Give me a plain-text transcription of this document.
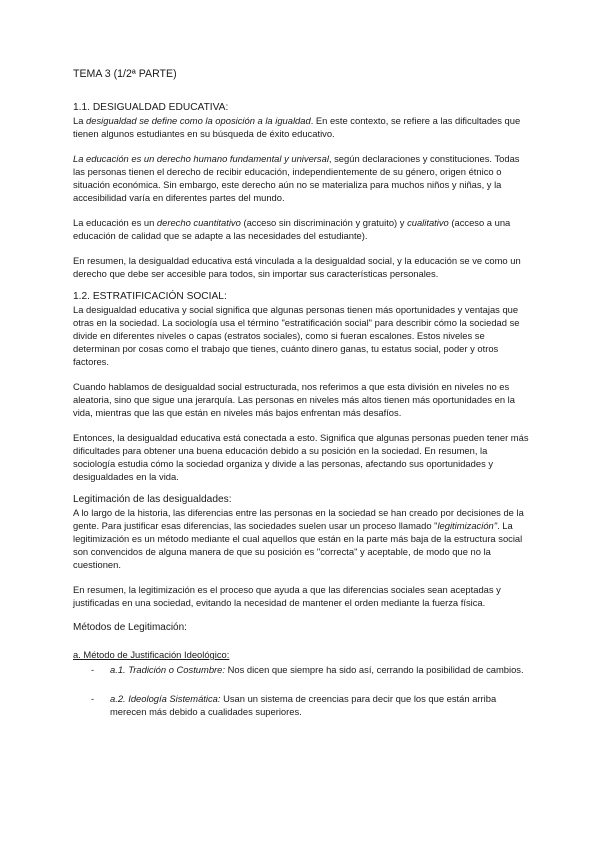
TEMA 3 (1/2ª PARTE)
1.1. DESIGUALDAD EDUCATIVA:

La desigualdad se define como la oposición a la igualdad. En este contexto, se refiere a las dificultades que tienen algunos estudiantes en su búsqueda de éxito educativo.

La educación es un derecho humano fundamental y universal, según declaraciones y constituciones. Todas las personas tienen el derecho de recibir educación, independientemente de su género, origen étnico o situación económica. Sin embargo, este derecho aún no se materializa para muchos niños y niñas, y la accesibilidad varía en diferentes partes del mundo.

La educación es un derecho cuantitativo (acceso sin discriminación y gratuito) y cualitativo (acceso a una educación de calidad que se adapte a las necesidades del estudiante).

En resumen, la desigualdad educativa está vinculada a la desigualdad social, y la educación se ve como un derecho que debe ser accesible para todos, sin importar sus características personales.

1.2. ESTRATIFICACIÓN SOCIAL:

La desigualdad educativa y social significa que algunas personas tienen más oportunidades y ventajas que otras en la sociedad. La sociología usa el término "estratificación social" para describir cómo la sociedad se divide en diferentes niveles o capas (estratos sociales), como si fueran escalones. Estos niveles se determinan por cosas como el trabajo que tienes, cuánto dinero ganas, tu estatus social, poder y otros factores.

Cuando hablamos de desigualdad social estructurada, nos referimos a que esta división en niveles no es aleatoria, sino que sigue una jerarquía. Las personas en niveles más altos tienen más oportunidades en la vida, mientras que las que están en niveles más bajos enfrentan más desafíos.

Entonces, la desigualdad educativa está conectada a esto. Significa que algunas personas pueden tener más dificultades para obtener una buena educación debido a su posición en la sociedad. En resumen, la sociología estudia cómo la sociedad organiza y divide a las personas, afectando sus oportunidades y desigualdades en la vida.

Legitimación de las desigualdades:

A lo largo de la historia, las diferencias entre las personas en la sociedad se han creado por decisiones de la gente. Para justificar esas diferencias, las sociedades suelen usar un proceso llamado "legitimización". La legitimización es un método mediante el cual aquellos que están en la parte más baja de la estructura social son convencidos de alguna manera de que su posición es "correcta" y aceptable, de modo que no la cuestionen.

En resumen, la legitimización es el proceso que ayuda a que las diferencias sociales sean aceptadas y justificadas en una sociedad, evitando la necesidad de mantener el orden mediante la fuerza física.

Métodos de Legitimación:
a. Método de Justificación Ideológico:
- a.1. Tradición o Costumbre: Nos dicen que siempre ha sido así, cerrando la posibilidad de cambios.
- a.2. Ideología Sistemática: Usan un sistema de creencias para decir que los que están arriba merecen más debido a cualidades superiores.
